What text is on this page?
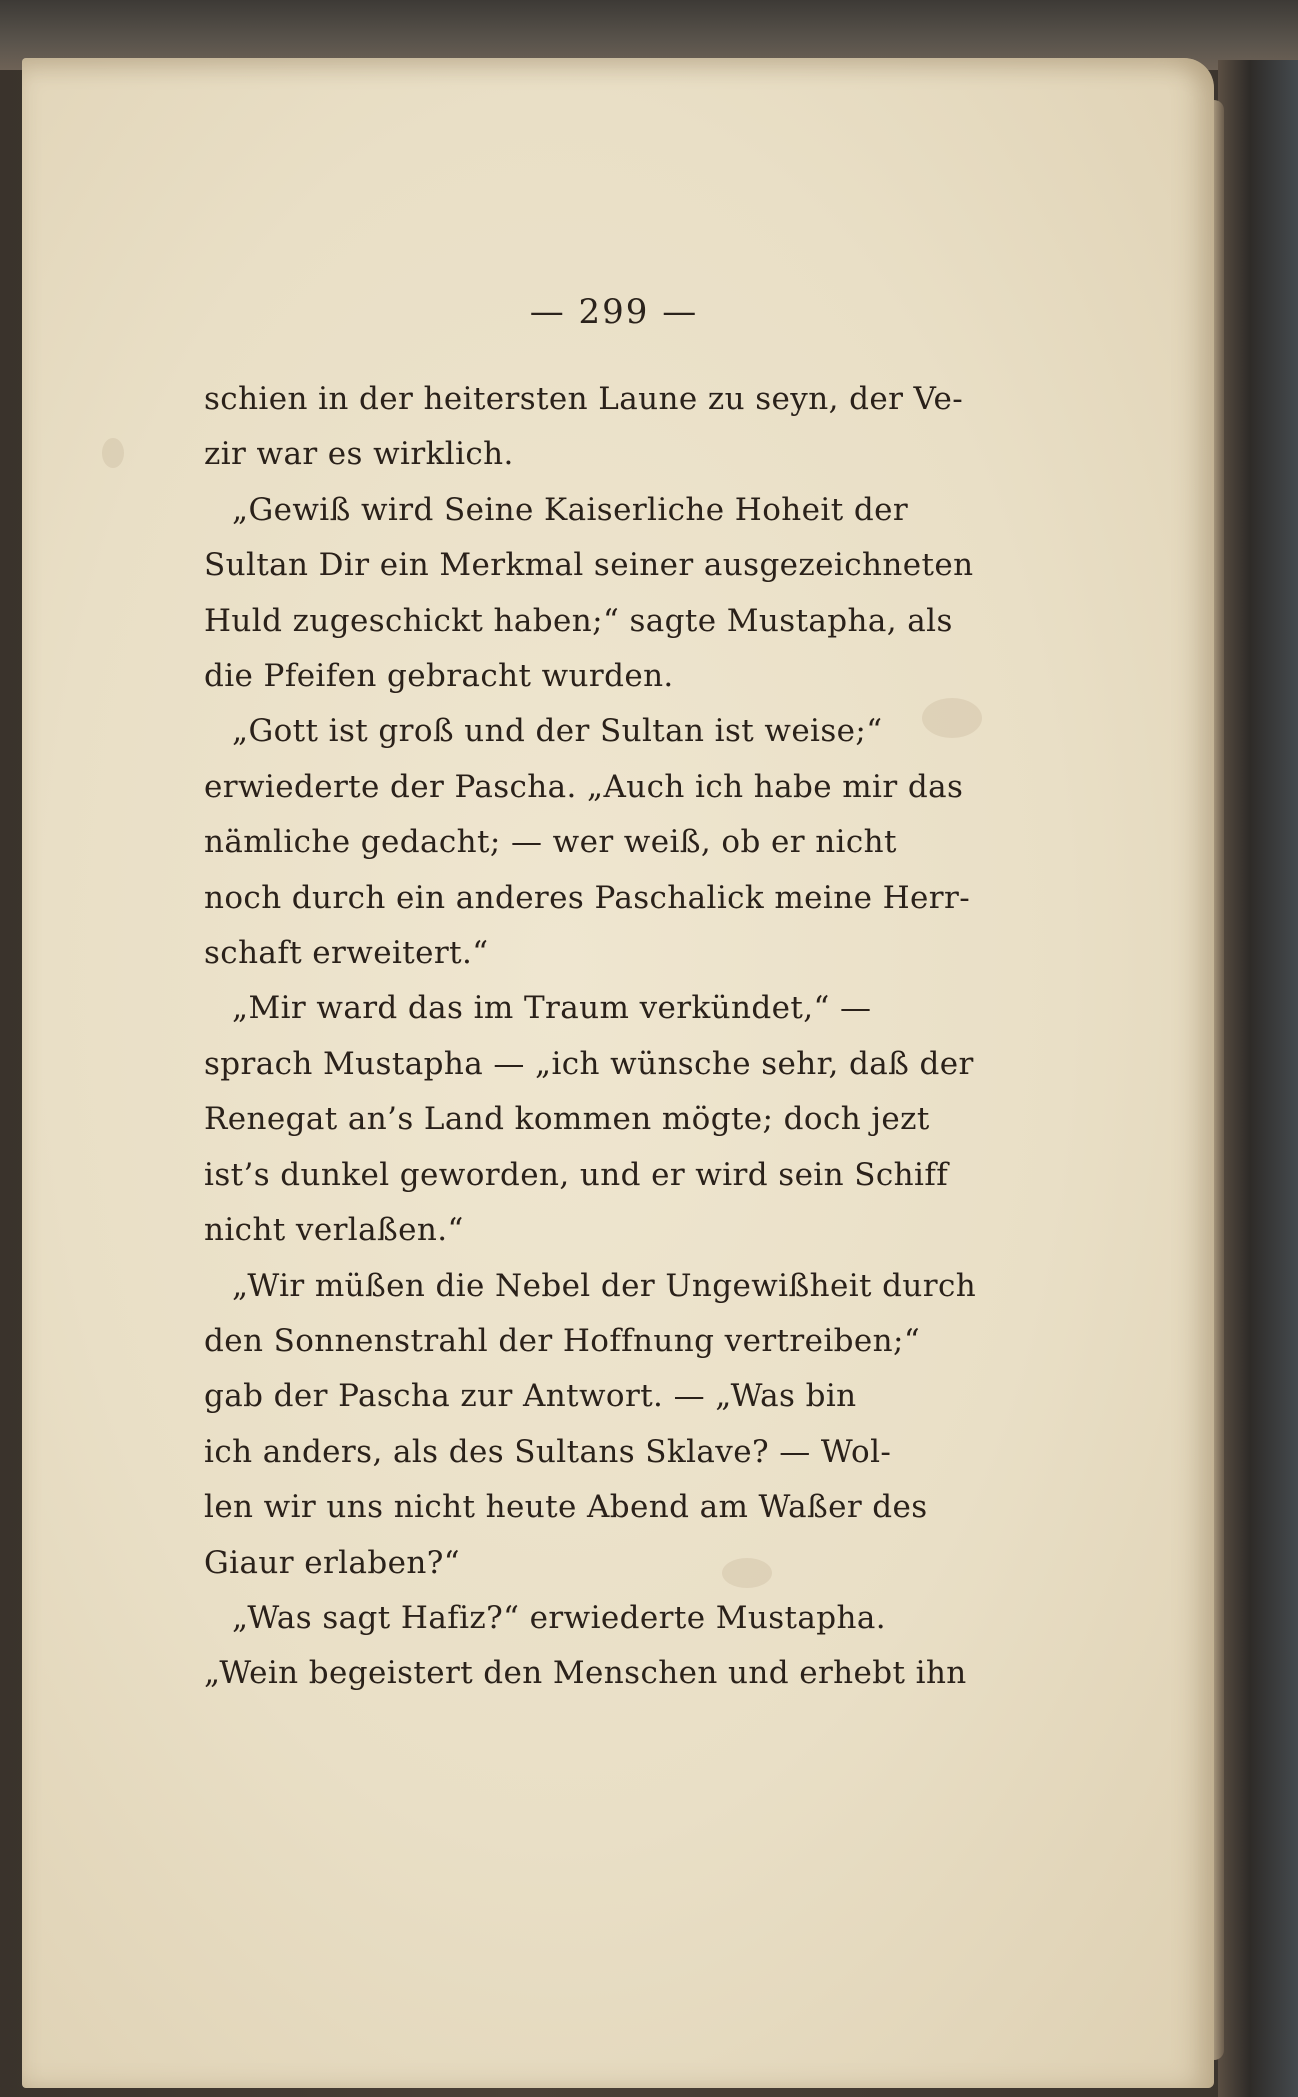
— 299 —
schien in der heitersten Laune zu seyn, der Ve-
zir war es wirklich.
„Gewiß wird Seine Kaiserliche Hoheit der
Sultan Dir ein Merkmal seiner ausgezeichneten
Huld zugeschickt haben;“ sagte Mustapha, als
die Pfeifen gebracht wurden.
„Gott ist groß und der Sultan ist weise;“
erwiederte der Pascha. „Auch ich habe mir das
nämliche gedacht; — wer weiß, ob er nicht
noch durch ein anderes Paschalick meine Herr-
schaft erweitert.“
„Mir ward das im Traum verkündet,“ —
sprach Mustapha — „ich wünsche sehr, daß der
Renegat an’s Land kommen mögte; doch jezt
ist’s dunkel geworden, und er wird sein Schiff
nicht verlaßen.“
„Wir müßen die Nebel der Ungewißheit durch
den Sonnenstrahl der Hoffnung vertreiben;“
gab der Pascha zur Antwort. — „Was bin
ich anders, als des Sultans Sklave? — Wol-
len wir uns nicht heute Abend am Waßer des
Giaur erlaben?“
„Was sagt Hafiz?“ erwiederte Mustapha.
„Wein begeistert den Menschen und erhebt ihn
